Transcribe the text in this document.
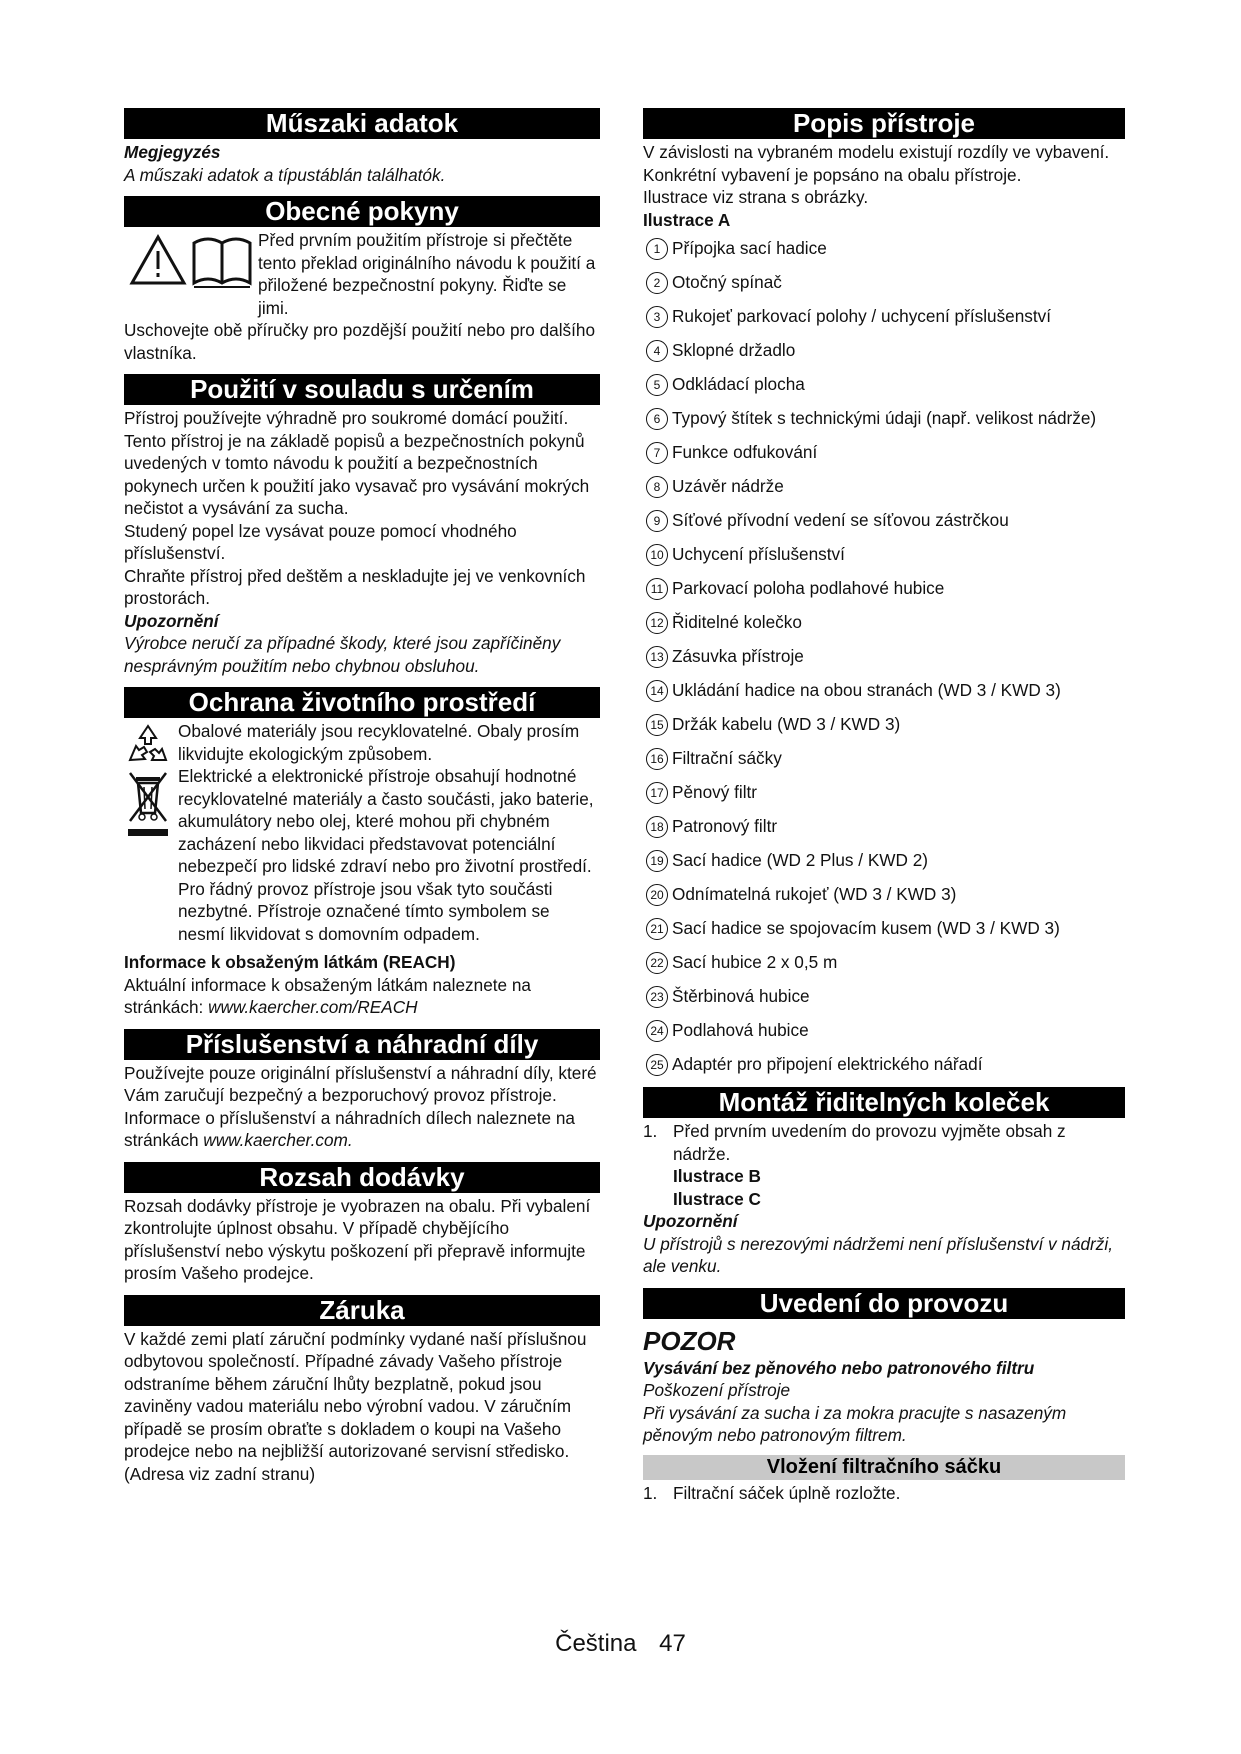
Műszaki adatok

Megjegyzés

A műszaki adatok a típustáblán találhatók.

Obecné pokyny

Před prvním použitím přístroje si přečtěte tento překlad originálního návodu k použití a přiložené bezpečnostní pokyny. Řiďte se jimi.

Uschovejte obě příručky pro pozdější použití nebo pro dalšího vlastníka.

Použití v souladu s určením

Přístroj používejte výhradně pro soukromé domácí použití.

Tento přístroj je na základě popisů a bezpečnostních pokynů uvedených v tomto návodu k použití a bezpečnostních pokynech určen k použití jako vysavač pro vysávání mokrých nečistot a vysávání za sucha.

Studený popel lze vysávat pouze pomocí vhodného příslušenství.

Chraňte přístroj před deštěm a neskladujte jej ve venkovních prostorách.

Upozornění

Výrobce neručí za případné škody, které jsou zapříčiněny nesprávným použitím nebo chybnou obsluhou.

Ochrana životního prostředí

Obalové materiály jsou recyklovatelné. Obaly prosím likvidujte ekologickým způsobem.

Elektrické a elektronické přístroje obsahují hodnotné recyklovatelné materiály a často součásti, jako baterie, akumulátory nebo olej, které mohou při chybném zacházení nebo likvidaci představovat potenciální nebezpečí pro lidské zdraví nebo pro životní prostředí. Pro řádný provoz přístroje jsou však tyto součásti nezbytné. Přístroje označené tímto symbolem se nesmí likvidovat s domovním odpadem.

Informace k obsaženým látkám (REACH)

Aktuální informace k obsaženým látkám naleznete na stránkách: www.kaercher.com/REACH

Příslušenství a náhradní díly

Používejte pouze originální příslušenství a náhradní díly, které Vám zaručují bezpečný a bezporuchový provoz přístroje.

Informace o příslušenství a náhradních dílech naleznete na stránkách www.kaercher.com.

Rozsah dodávky

Rozsah dodávky přístroje je vyobrazen na obalu. Při vybalení zkontrolujte úplnost obsahu. V případě chybějícího příslušenství nebo výskytu poškození při přepravě informujte prosím Vašeho prodejce.

Záruka

V každé zemi platí záruční podmínky vydané naší příslušnou odbytovou společností. Případné závady Vašeho přístroje odstraníme během záruční lhůty bezplatně, pokud jsou zaviněny vadou materiálu nebo výrobní vadou. V záručním případě se prosím obraťte s dokladem o koupi na Vašeho prodejce nebo na nejbližší autorizované servisní středisko.

(Adresa viz zadní stranu)

Popis přístroje

V závislosti na vybraném modelu existují rozdíly ve vybavení. Konkrétní vybavení je popsáno na obalu přístroje.

Ilustrace viz strana s obrázky.

Ilustrace A

1 Přípojka sací hadice
2 Otočný spínač
3 Rukojeť parkovací polohy / uchycení příslušenství
4 Sklopné držadlo
5 Odkládací plocha
6 Typový štítek s technickými údaji (např. velikost nádrže)
7 Funkce odfukování
8 Uzávěr nádrže
9 Síťové přívodní vedení se síťovou zástrčkou
10 Uchycení příslušenství
11 Parkovací poloha podlahové hubice
12 Řiditelné kolečko
13 Zásuvka přístroje
14 Ukládání hadice na obou stranách (WD 3 / KWD 3)
15 Držák kabelu (WD 3 / KWD 3)
16 Filtrační sáčky
17 Pěnový filtr
18 Patronový filtr
19 Sací hadice (WD 2 Plus / KWD 2)
20 Odnímatelná rukojeť (WD 3 / KWD 3)
21 Sací hadice se spojovacím kusem (WD 3 / KWD 3)
22 Sací hubice 2 x 0,5 m
23 Štěrbinová hubice
24 Podlahová hubice
25 Adaptér pro připojení elektrického nářadí
Montáž řiditelných koleček
1. Před prvním uvedením do provozu vyjměte obsah z nádrže.

Ilustrace B

Ilustrace C

Upozornění

U přístrojů s nerezovými nádržemi není příslušenství v nádrži, ale venku.

Uvedení do provozu

POZOR

Vysávání bez pěnového nebo patronového filtru

Poškození přístroje

Při vysávání za sucha i za mokra pracujte s nasazeným pěnovým nebo patronovým filtrem.

Vložení filtračního sáčku
1. Filtrační sáček úplně rozložte.
Čeština 47
